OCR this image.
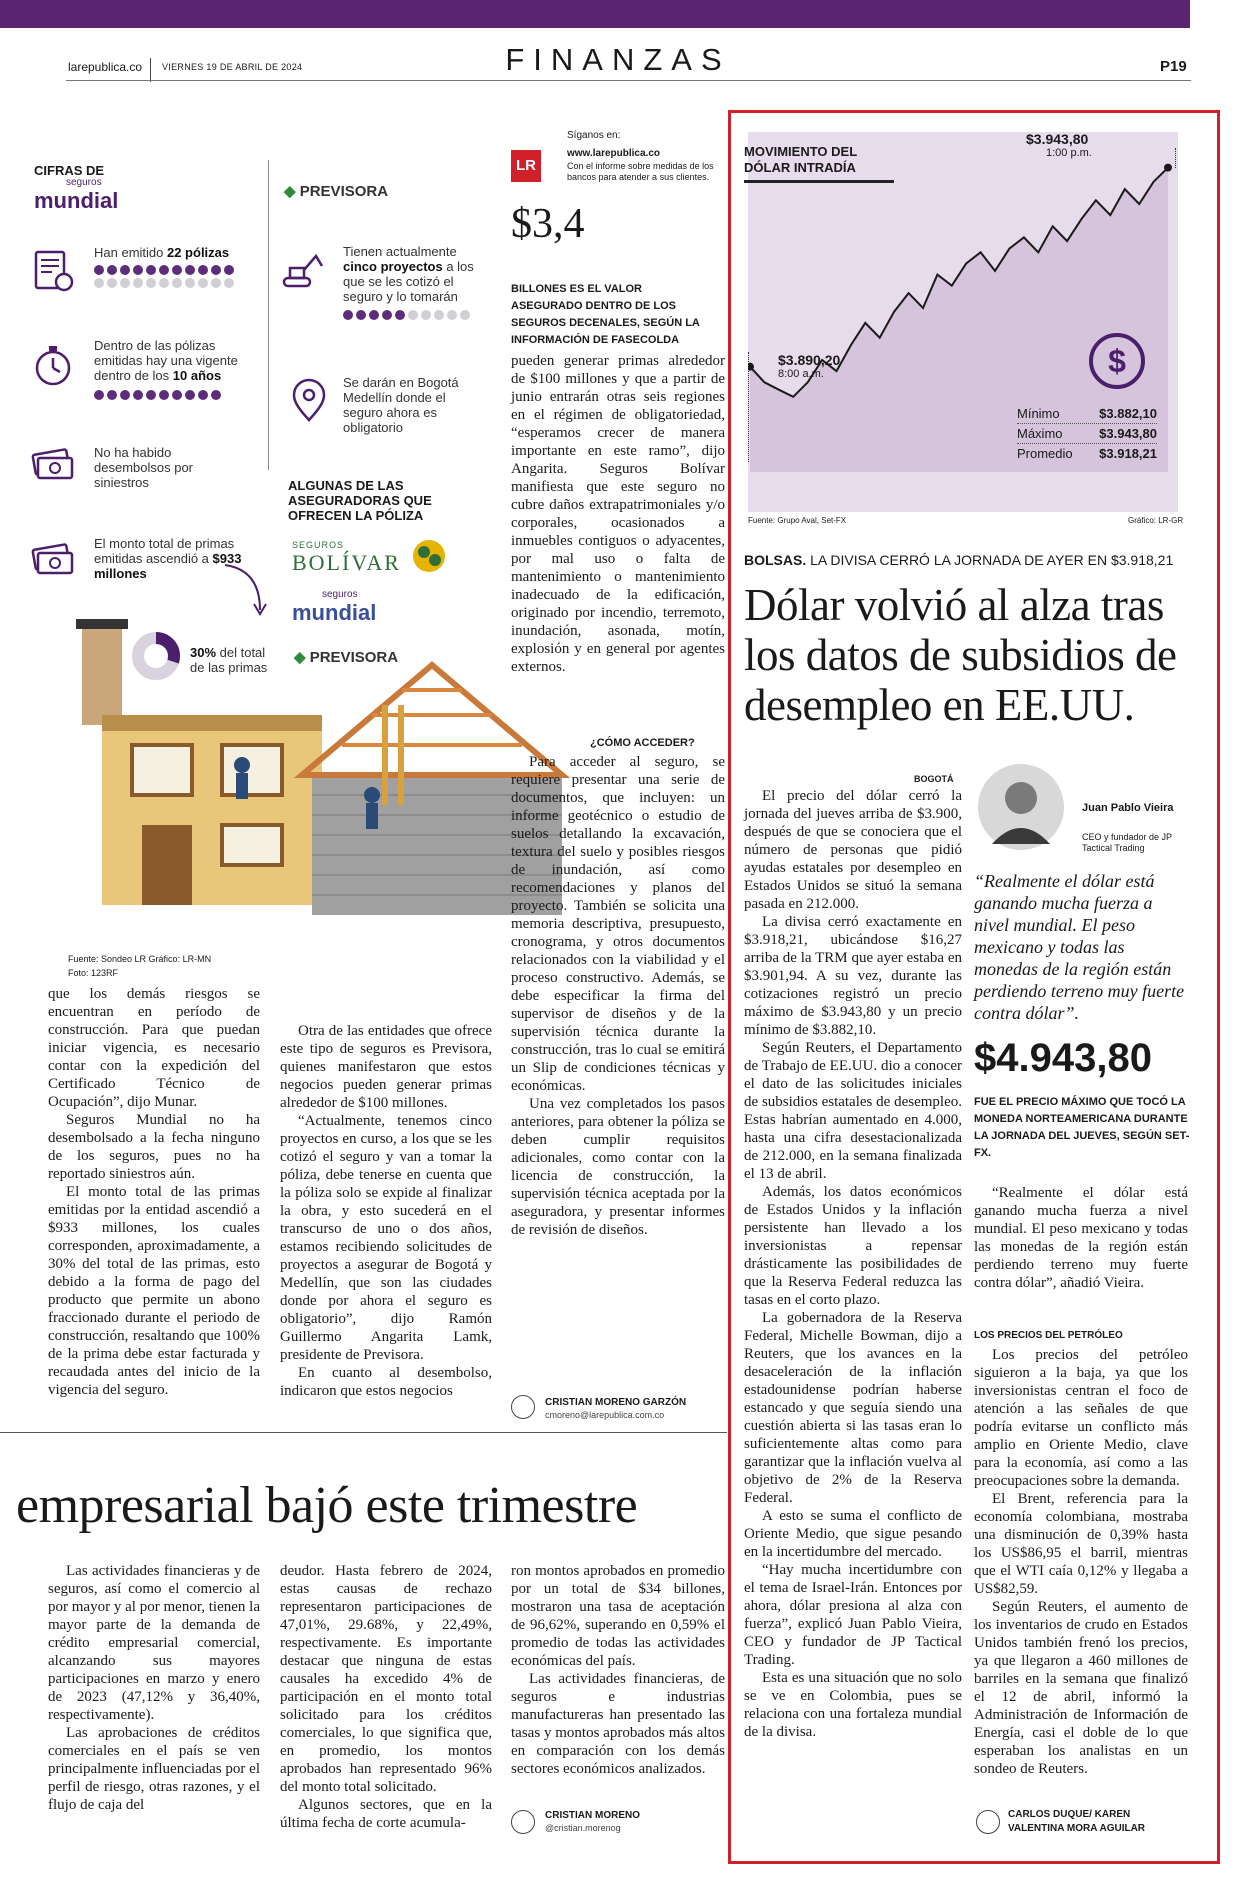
FINANZAS
larepublica.co VIERNES 19 DE ABRIL DE 2024	P19
CIFRAS DE
seguros
mundial
Han emitido 22 pólizas
Dentro de las pólizas emitidas hay una vigente dentro de los 10 años
No ha habido desembolsos por siniestros
El monto total de primas emitidas ascendió a $933 millones
30% del total de las primas
◆ PREVISORA
Tienen actualmente cinco proyectos a los que se les cotizó el seguro y lo tomarán
Se darán en Bogotá Medellín donde el seguro ahora es obligatorio
ALGUNAS DE LAS ASEGURADORAS QUE OFRECEN LA PÓLIZA
SEGUROS
BOLÍVAR
seguros
mundial
◆ PREVISORA
Fuente: Sondeo LR Gráfico: LR-MN
Foto: 123RF
LR
Síganos en:
www.larepublica.co
Con el informe sobre medidas de los bancos para atender a sus clientes.
$3,4
BILLONES ES EL VALOR ASEGURADO DENTRO DE LOS SEGUROS DECENALES, SEGÚN LA INFORMACIÓN DE FASECOLDA

pueden generar primas alrededor de $100 millones y que a partir de junio entrarán otras seis regiones en el régimen de obligatoriedad, “esperamos crecer de manera importante en este ramo”, dijo Angarita. Seguros Bolívar manifiesta que este seguro no cubre daños extrapatrimoniales y/o corporales, ocasionados a inmuebles contiguos o adyacentes, por mal uso o falta de mantenimiento o mantenimiento inadecuado de la edificación, originado por incendio, terremoto, inundación, asonada, motín, explosión y en general por agentes externos.

¿CÓMO ACCEDER?

Para acceder al seguro, se requiere presentar una serie de documentos, que incluyen: un informe geotécnico o estudio de suelos detallando la excavación, textura del suelo y posibles riesgos de inundación, así como recomendaciones y planos del proyecto. También se solicita una memoria descriptiva, presupuesto, cronograma, y otros documentos relacionados con la viabilidad y el proceso constructivo. Además, se debe especificar la firma del supervisor de diseños y de la supervisión técnica durante la construcción, tras lo cual se emitirá un Slip de condiciones técnicas y económicas.

Una vez completados los pasos anteriores, para obtener la póliza se deben cumplir requisitos adicionales, como contar con la licencia de construcción, la supervisión técnica aceptada por la aseguradora, y presentar informes de revisión de diseños.

CRISTIAN MORENO GARZÓN
cmoreno@larepublica.com.co

que los demás riesgos se encuentran en período de construcción. Para que puedan iniciar vigencia, es necesario contar con la expedición del Certificado Técnico de Ocupación”, dijo Munar.

Seguros Mundial no ha desembolsado a la fecha ninguno de los seguros, pues no ha reportado siniestros aún.

El monto total de las primas emitidas por la entidad ascendió a $933 millones, los cuales corresponden, aproximadamente, a 30% del total de las primas, esto debido a la forma de pago del producto que permite un abono fraccionado durante el periodo de construcción, resaltando que 100% de la prima debe estar facturada y recaudada antes del inicio de la vigencia del seguro.

Otra de las entidades que ofrece este tipo de seguros es Previsora, quienes manifestaron que estos negocios pueden generar primas alrededor de $100 millones.

“Actualmente, tenemos cinco proyectos en curso, a los que se les cotizó el seguro y van a tomar la póliza, debe tenerse en cuenta que la póliza solo se expide al finalizar la obra, y esto sucederá en el transcurso de uno o dos años, estamos recibiendo solicitudes de proyectos a asegurar de Bogotá y Medellín, que son las ciudades donde por ahora el seguro es obligatorio”, dijo Ramón Guillermo Angarita Lamk, presidente de Previsora.

En cuanto al desembolso, indicaron que estos negocios

empresarial bajó este trimestre

Las actividades financieras y de seguros, así como el comercio al por mayor y al por menor, tienen la mayor parte de la demanda de crédito empresarial comercial, alcanzando sus mayores participaciones en marzo y enero de 2023 (47,12% y 36,40%, respectivamente).

Las aprobaciones de créditos comerciales en el país se ven principalmente influenciadas por el perfil de riesgo, otras razones, y el flujo de caja del

deudor. Hasta febrero de 2024, estas causas de rechazo representaron participaciones de 47,01%, 29.68%, y 22,49%, respectivamente. Es importante destacar que ninguna de estas causales ha excedido 4% de participación en el monto total solicitado para los créditos comerciales, lo que significa que, en promedio, los montos aprobados han representado 96% del monto total solicitado.

Algunos sectores, que en la última fecha de corte acumula-

ron montos aprobados en promedio por un total de $34 billones, mostraron una tasa de aceptación de 96,62%, superando en 0,59% el promedio de todas las actividades económicas del país.

Las actividades financieras, de seguros e industrias manufactureras han presentado las tasas y montos aprobados más altos en comparación con los demás sectores económicos analizados.

CRISTIAN MORENO
@cristian.morenog
MOVIMIENTO DEL DÓLAR INTRADÍA
$3.890,20
8:00 a.m.
$3.943,80
1:00 p.m.
$
Mínimo	$3.882,10
Máximo	$3.943,80
Promedio $3.918,21
Fuente: Grupo Aval, Set-FX	Gráfico: LR-GR
BOLSAS. LA DIVISA CERRÓ LA JORNADA DE AYER EN $3.918,21
Dólar volvió al alza tras los datos de subsidios de desempleo en EE.UU.
BOGOTÁ

El precio del dólar cerró la jornada del jueves arriba de $3.900, después de que se conociera que el número de personas que pidió ayudas estatales por desempleo en Estados Unidos se situó la semana pasada en 212.000.

La divisa cerró exactamente en $3.918,21, ubicándose $16,27 arriba de la TRM que ayer estaba en $3.901,94. A su vez, durante las cotizaciones registró un precio máximo de $3.943,80 y un precio mínimo de $3.882,10.

Según Reuters, el Departamento de Trabajo de EE.UU. dio a conocer el dato de las solicitudes iniciales de subsidios estatales de desempleo. Estas habrían aumentado en 4.000, hasta una cifra desestacionalizada de 212.000, en la semana finalizada el 13 de abril.

Además, los datos económicos de Estados Unidos y la inflación persistente han llevado a los inversionistas a repensar drásticamente las posibilidades de que la Reserva Federal reduzca las tasas en el corto plazo.

La gobernadora de la Reserva Federal, Michelle Bowman, dijo a Reuters, que los avances en la desaceleración de la inflación estadounidense podrían haberse estancado y que seguía siendo una cuestión abierta si las tasas eran lo suficientemente altas como para garantizar que la inflación vuelva al objetivo de 2% de la Reserva Federal.

A esto se suma el conflicto de Oriente Medio, que sigue pesando en la incertidumbre del mercado.

“Hay mucha incertidumbre con el tema de Israel-Irán. Entonces por ahora, dólar presiona al alza con fuerza”, explicó Juan Pablo Vieira, CEO y fundador de JP Tactical Trading.

Esta es una situación que no solo se ve en Colombia, pues se relaciona con una fortaleza mundial de la divisa.

Juan Pablo Vieira
CEO y fundador de JP Tactical Trading
“Realmente el dólar está ganando mucha fuerza a nivel mundial. El peso mexicano y todas las monedas de la región están perdiendo terreno muy fuerte contra dólar”.
$4.943,80
FUE EL PRECIO MÁXIMO QUE TOCÓ LA MONEDA NORTEAMERICANA DURANTE LA JORNADA DEL JUEVES, SEGÚN SET-FX.

“Realmente el dólar está ganando mucha fuerza a nivel mundial. El peso mexicano y todas las monedas de la región están perdiendo terreno muy fuerte contra dólar”, añadió Vieira.

LOS PRECIOS DEL PETRÓLEO

Los precios del petróleo siguieron a la baja, ya que los inversionistas centran el foco de atención a las señales de que podría evitarse un conflicto más amplio en Oriente Medio, clave para la economía, así como a las preocupaciones sobre la demanda.

El Brent, referencia para la economía colombiana, mostraba una disminución de 0,39% hasta los US$86,95 el barril, mientras que el WTI caía 0,12% y llegaba a US$82,59.

Según Reuters, el aumento de los inventarios de crudo en Estados Unidos también frenó los precios, ya que llegaron a 460 millones de barriles en la semana que finalizó el 12 de abril, informó la Administración de Información de Energía, casi el doble de lo que esperaban los analistas en un sondeo de Reuters.

CARLOS DUQUE/ KAREN VALENTINA MORA AGUILAR
